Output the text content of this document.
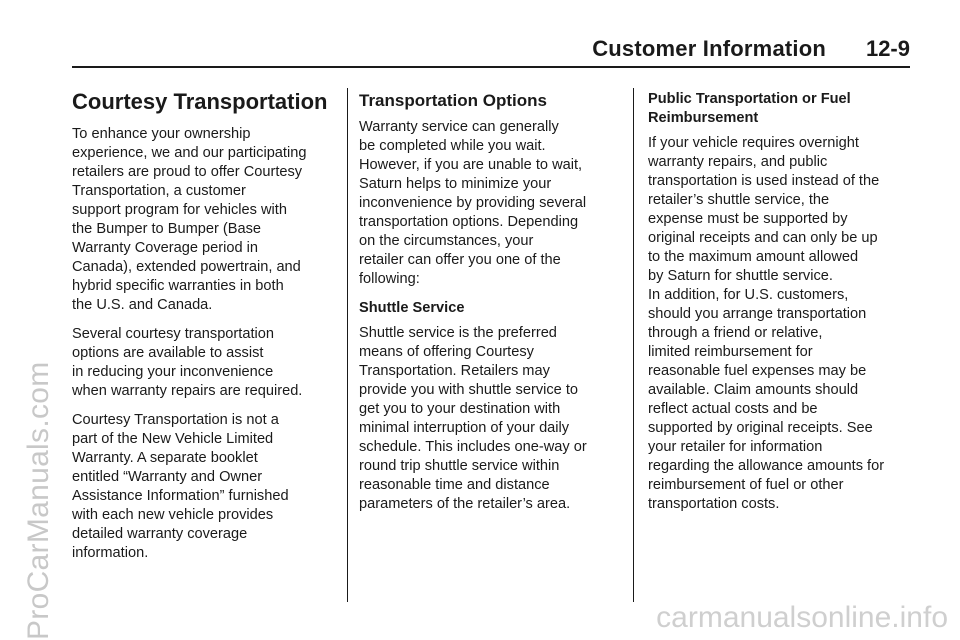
Customer Information 12-9
ProCarManuals.com	carmanualsonline.info
Courtesy Transportation

To enhance your ownership
experience, we and our participating
retailers are proud to offer Courtesy
Transportation, a customer
support program for vehicles with
the Bumper to Bumper (Base
Warranty Coverage period in
Canada), extended powertrain, and
hybrid specific warranties in both
the U.S. and Canada.

Several courtesy transportation
options are available to assist
in reducing your inconvenience
when warranty repairs are required.

Courtesy Transportation is not a
part of the New Vehicle Limited
Warranty. A separate booklet
entitled “Warranty and Owner
Assistance Information” furnished
with each new vehicle provides
detailed warranty coverage
information.

Transportation Options

Warranty service can generally
be completed while you wait.
However, if you are unable to wait,
Saturn helps to minimize your
inconvenience by providing several
transportation options. Depending
on the circumstances, your
retailer can offer you one of the
following:

Shuttle Service

Shuttle service is the preferred
means of offering Courtesy
Transportation. Retailers may
provide you with shuttle service to
get you to your destination with
minimal interruption of your daily
schedule. This includes one-way or
round trip shuttle service within
reasonable time and distance
parameters of the retailer’s area.

Public Transportation or Fuel
Reimbursement

If your vehicle requires overnight
warranty repairs, and public
transportation is used instead of the
retailer’s shuttle service, the
expense must be supported by
original receipts and can only be up
to the maximum amount allowed
by Saturn for shuttle service.
In addition, for U.S. customers,
should you arrange transportation
through a friend or relative,
limited reimbursement for
reasonable fuel expenses may be
available. Claim amounts should
reflect actual costs and be
supported by original receipts. See
your retailer for information
regarding the allowance amounts for
reimbursement of fuel or other
transportation costs.
